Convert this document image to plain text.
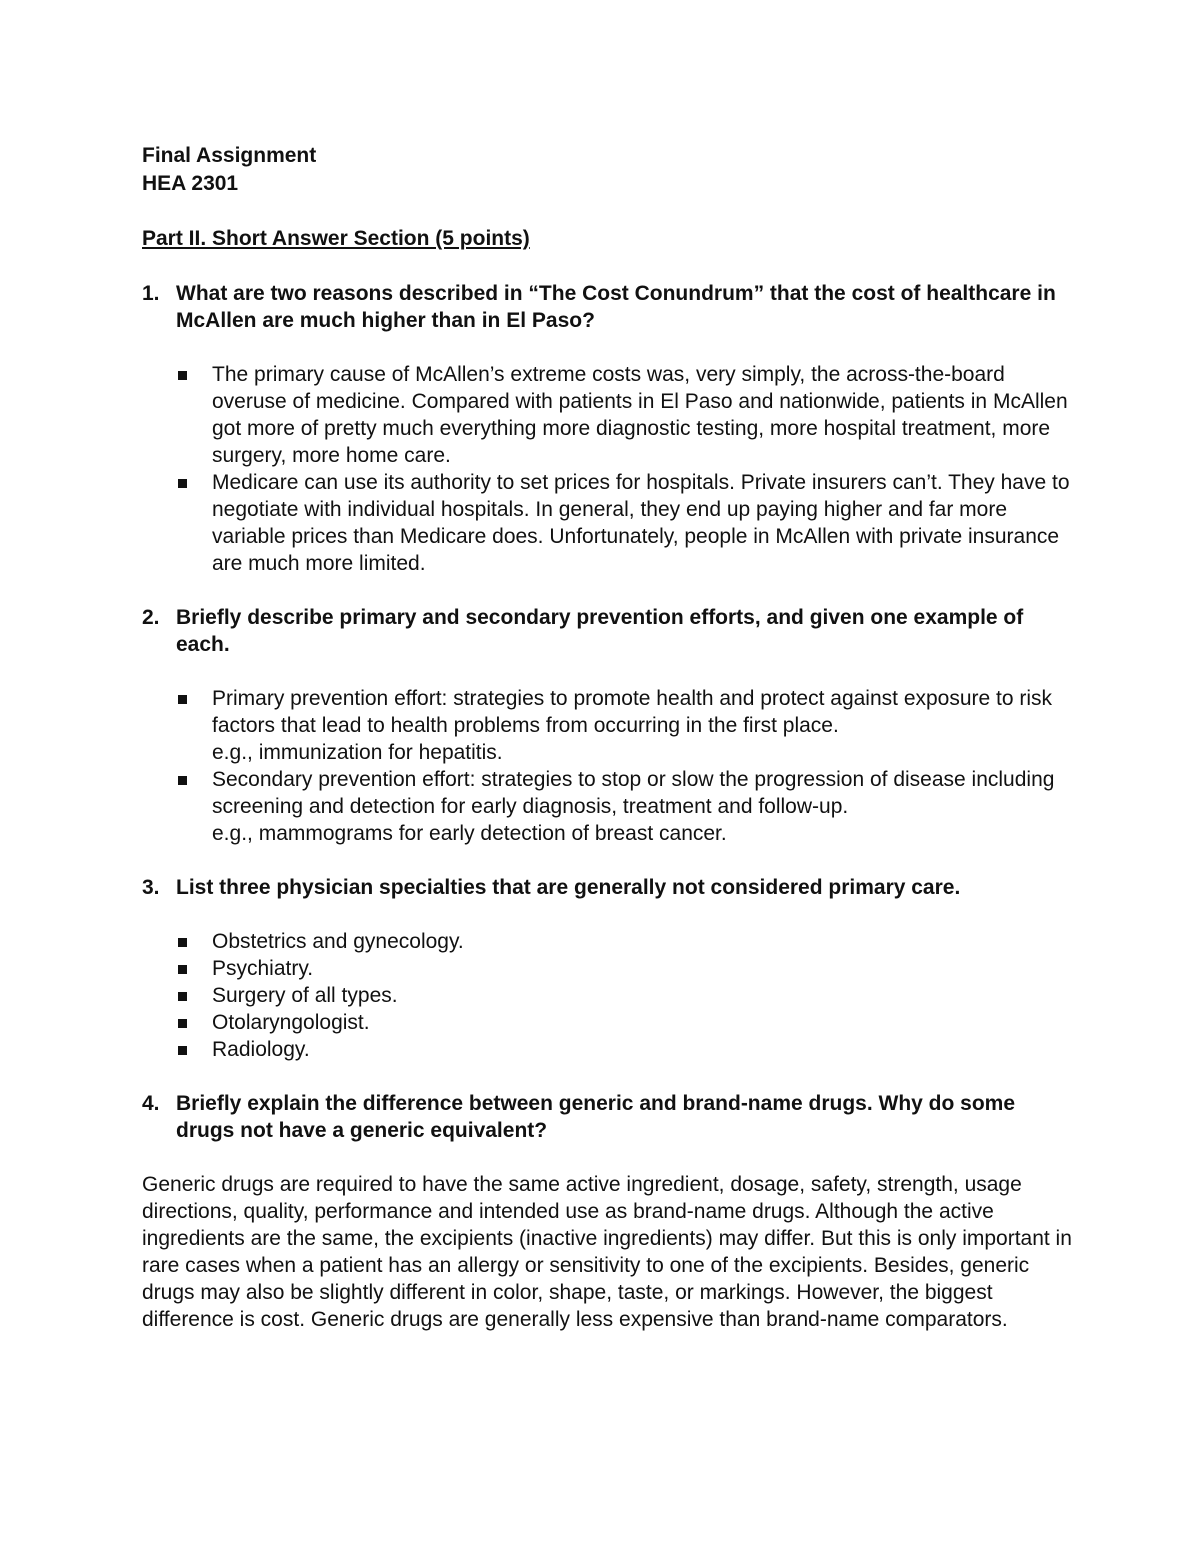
Final Assignment

HEA 2301

Part II. Short Answer Section (5 points)

1. What are two reasons described in “The Cost Conundrum” that the cost of healthcare in McAllen are much higher than in El Paso?

The primary cause of McAllen’s extreme costs was, very simply, the across-the-board overuse of medicine. Compared with patients in El Paso and nationwide, patients in McAllen got more of pretty much everything more diagnostic testing, more hospital treatment, more surgery, more home care.
Medicare can use its authority to set prices for hospitals. Private insurers can’t. They have to negotiate with individual hospitals. In general, they end up paying higher and far more variable prices than Medicare does. Unfortunately, people in McAllen with private insurance are much more limited.

2. Briefly describe primary and secondary prevention efforts, and given one example of each.

Primary prevention effort: strategies to promote health and protect against exposure to risk factors that lead to health problems from occurring in the first place.
e.g., immunization for hepatitis.
Secondary prevention effort: strategies to stop or slow the progression of disease including screening and detection for early diagnosis, treatment and follow-up.
e.g., mammograms for early detection of breast cancer.

3. List three physician specialties that are generally not considered primary care.

Obstetrics and gynecology.
Psychiatry.
Surgery of all types.
Otolaryngologist.
Radiology.

4. Briefly explain the difference between generic and brand-name drugs. Why do some drugs not have a generic equivalent?

Generic drugs are required to have the same active ingredient, dosage, safety, strength, usage directions, quality, performance and intended use as brand-name drugs. Although the active ingredients are the same, the excipients (inactive ingredients) may differ. But this is only important in rare cases when a patient has an allergy or sensitivity to one of the excipients. Besides, generic drugs may also be slightly different in color, shape, taste, or markings. However, the biggest difference is cost. Generic drugs are generally less expensive than brand-name comparators.
